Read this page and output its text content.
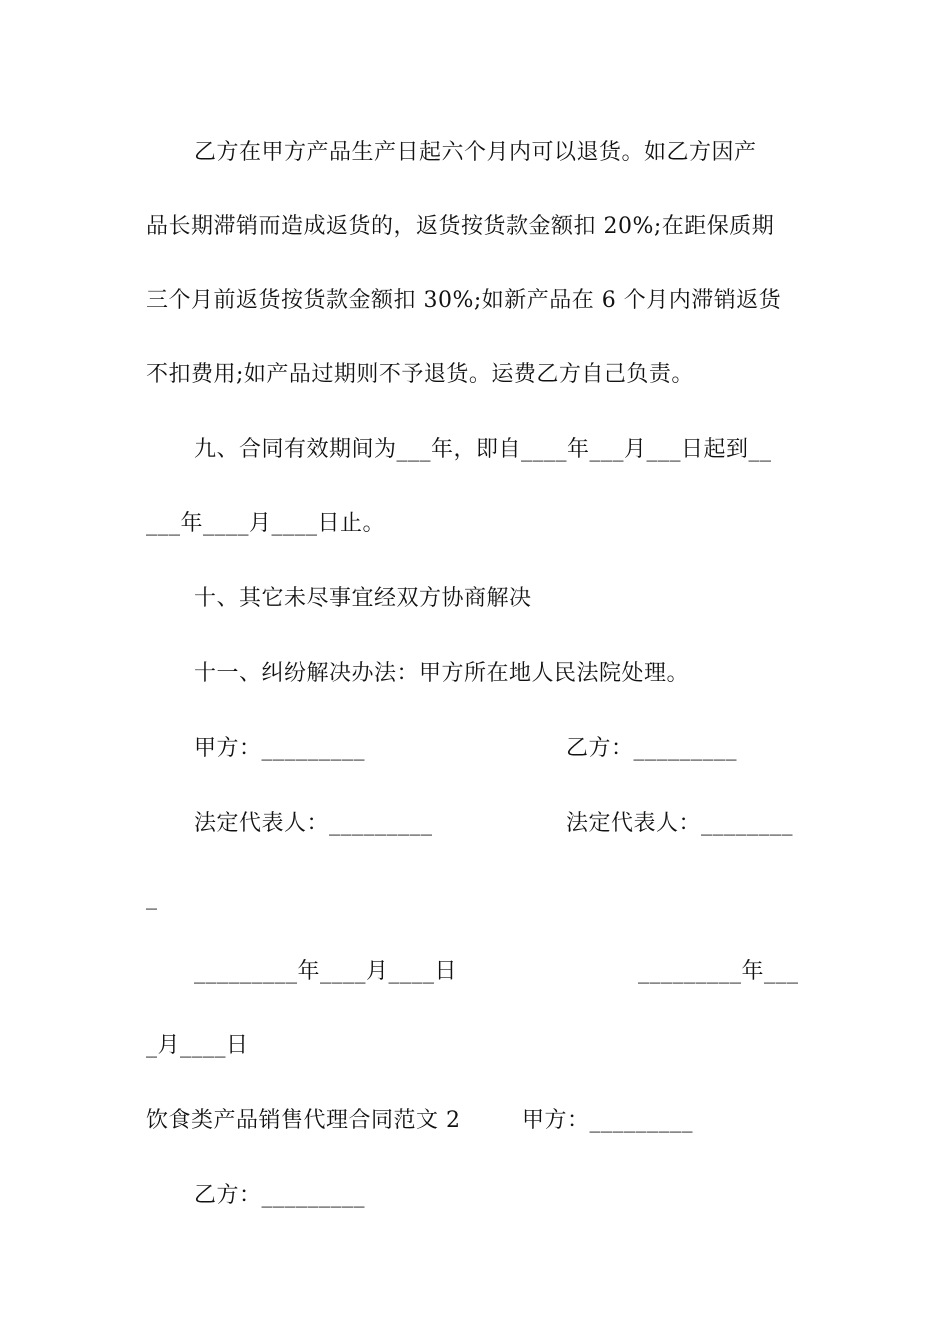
乙方在甲方产品生产日起六个月内可以退货。如乙方因产
品长期滞销而造成返货的，返货按货款金额扣 20%;在距保质期
三个月前返货按货款金额扣 30%;如新产品在 6 个月内滞销返货
不扣费用;如产品过期则不予退货。运费乙方自己负责。
九、合同有效期间为___年，即自____年___月___日起到__
___年____月____日止。
十、其它未尽事宜经双方协商解决
十一、纠纷解决办法：甲方所在地人民法院处理。
甲方：_________	乙方：_________
法定代表人：_________	法定代表人：________
_
_________年____月____日	_________年___
_月____日
饮食类产品销售代理合同范文 2	甲方：_________
乙方：_________
